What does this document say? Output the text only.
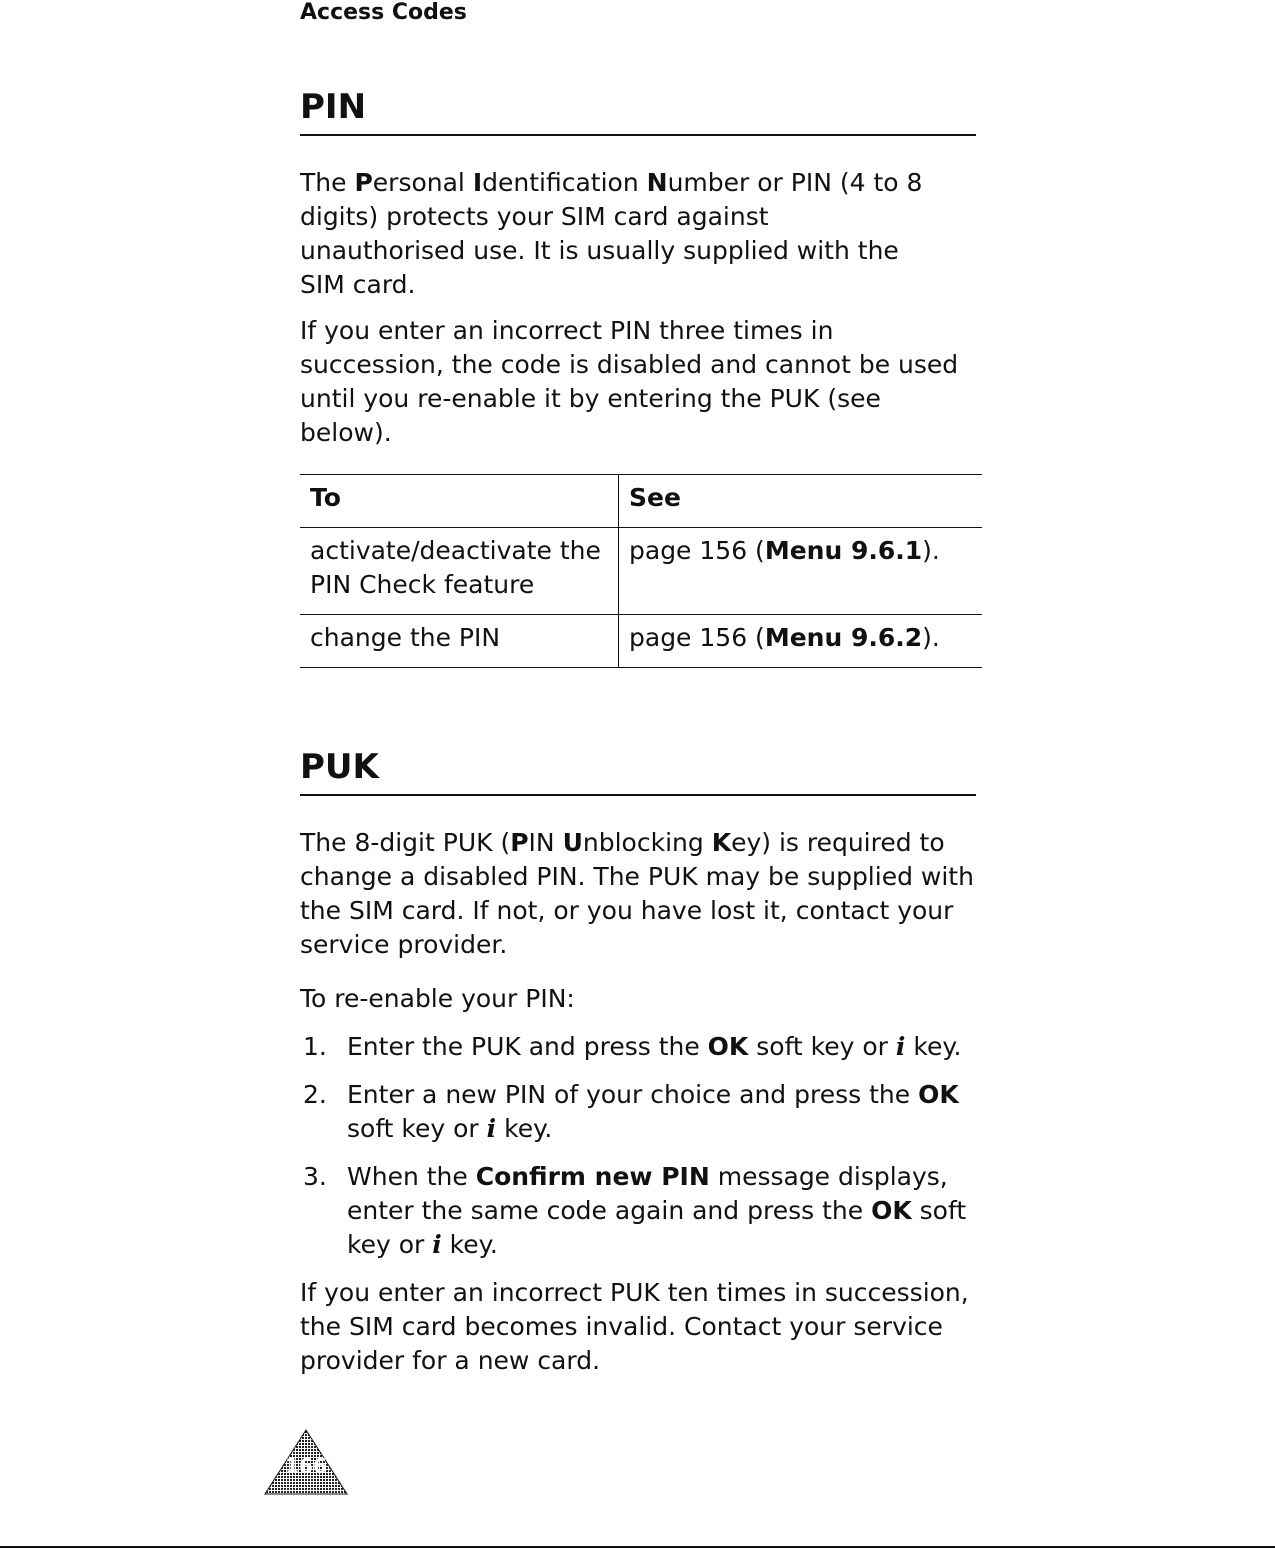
Access Codes
PIN

The Personal Identification Number or PIN (4 to 8 digits) protects your SIM card against unauthorised use. It is usually supplied with the SIM card.

If you enter an incorrect PIN three times in succession, the code is disabled and cannot be used until you re-enable it by entering the PUK (see below).

To	See
activate/deactivate the PIN Check feature	page 156 (Menu 9.6.1).
change the PIN	page 156 (Menu 9.6.2).
PUK

The 8-digit PUK (PIN Unblocking Key) is required to change a disabled PIN. The PUK may be supplied with the SIM card. If not, or you have lost it, contact your service provider.

To re-enable your PIN:

1. Enter the PUK and press the OK soft key or i key.
2. Enter a new PIN of your choice and press the OK soft key or i key.
3. When the Confirm new PIN message displays, enter the same code again and press the OK soft key or i key.

If you enter an incorrect PUK ten times in succession, the SIM card becomes invalid. Contact your service provider for a new card.

166
